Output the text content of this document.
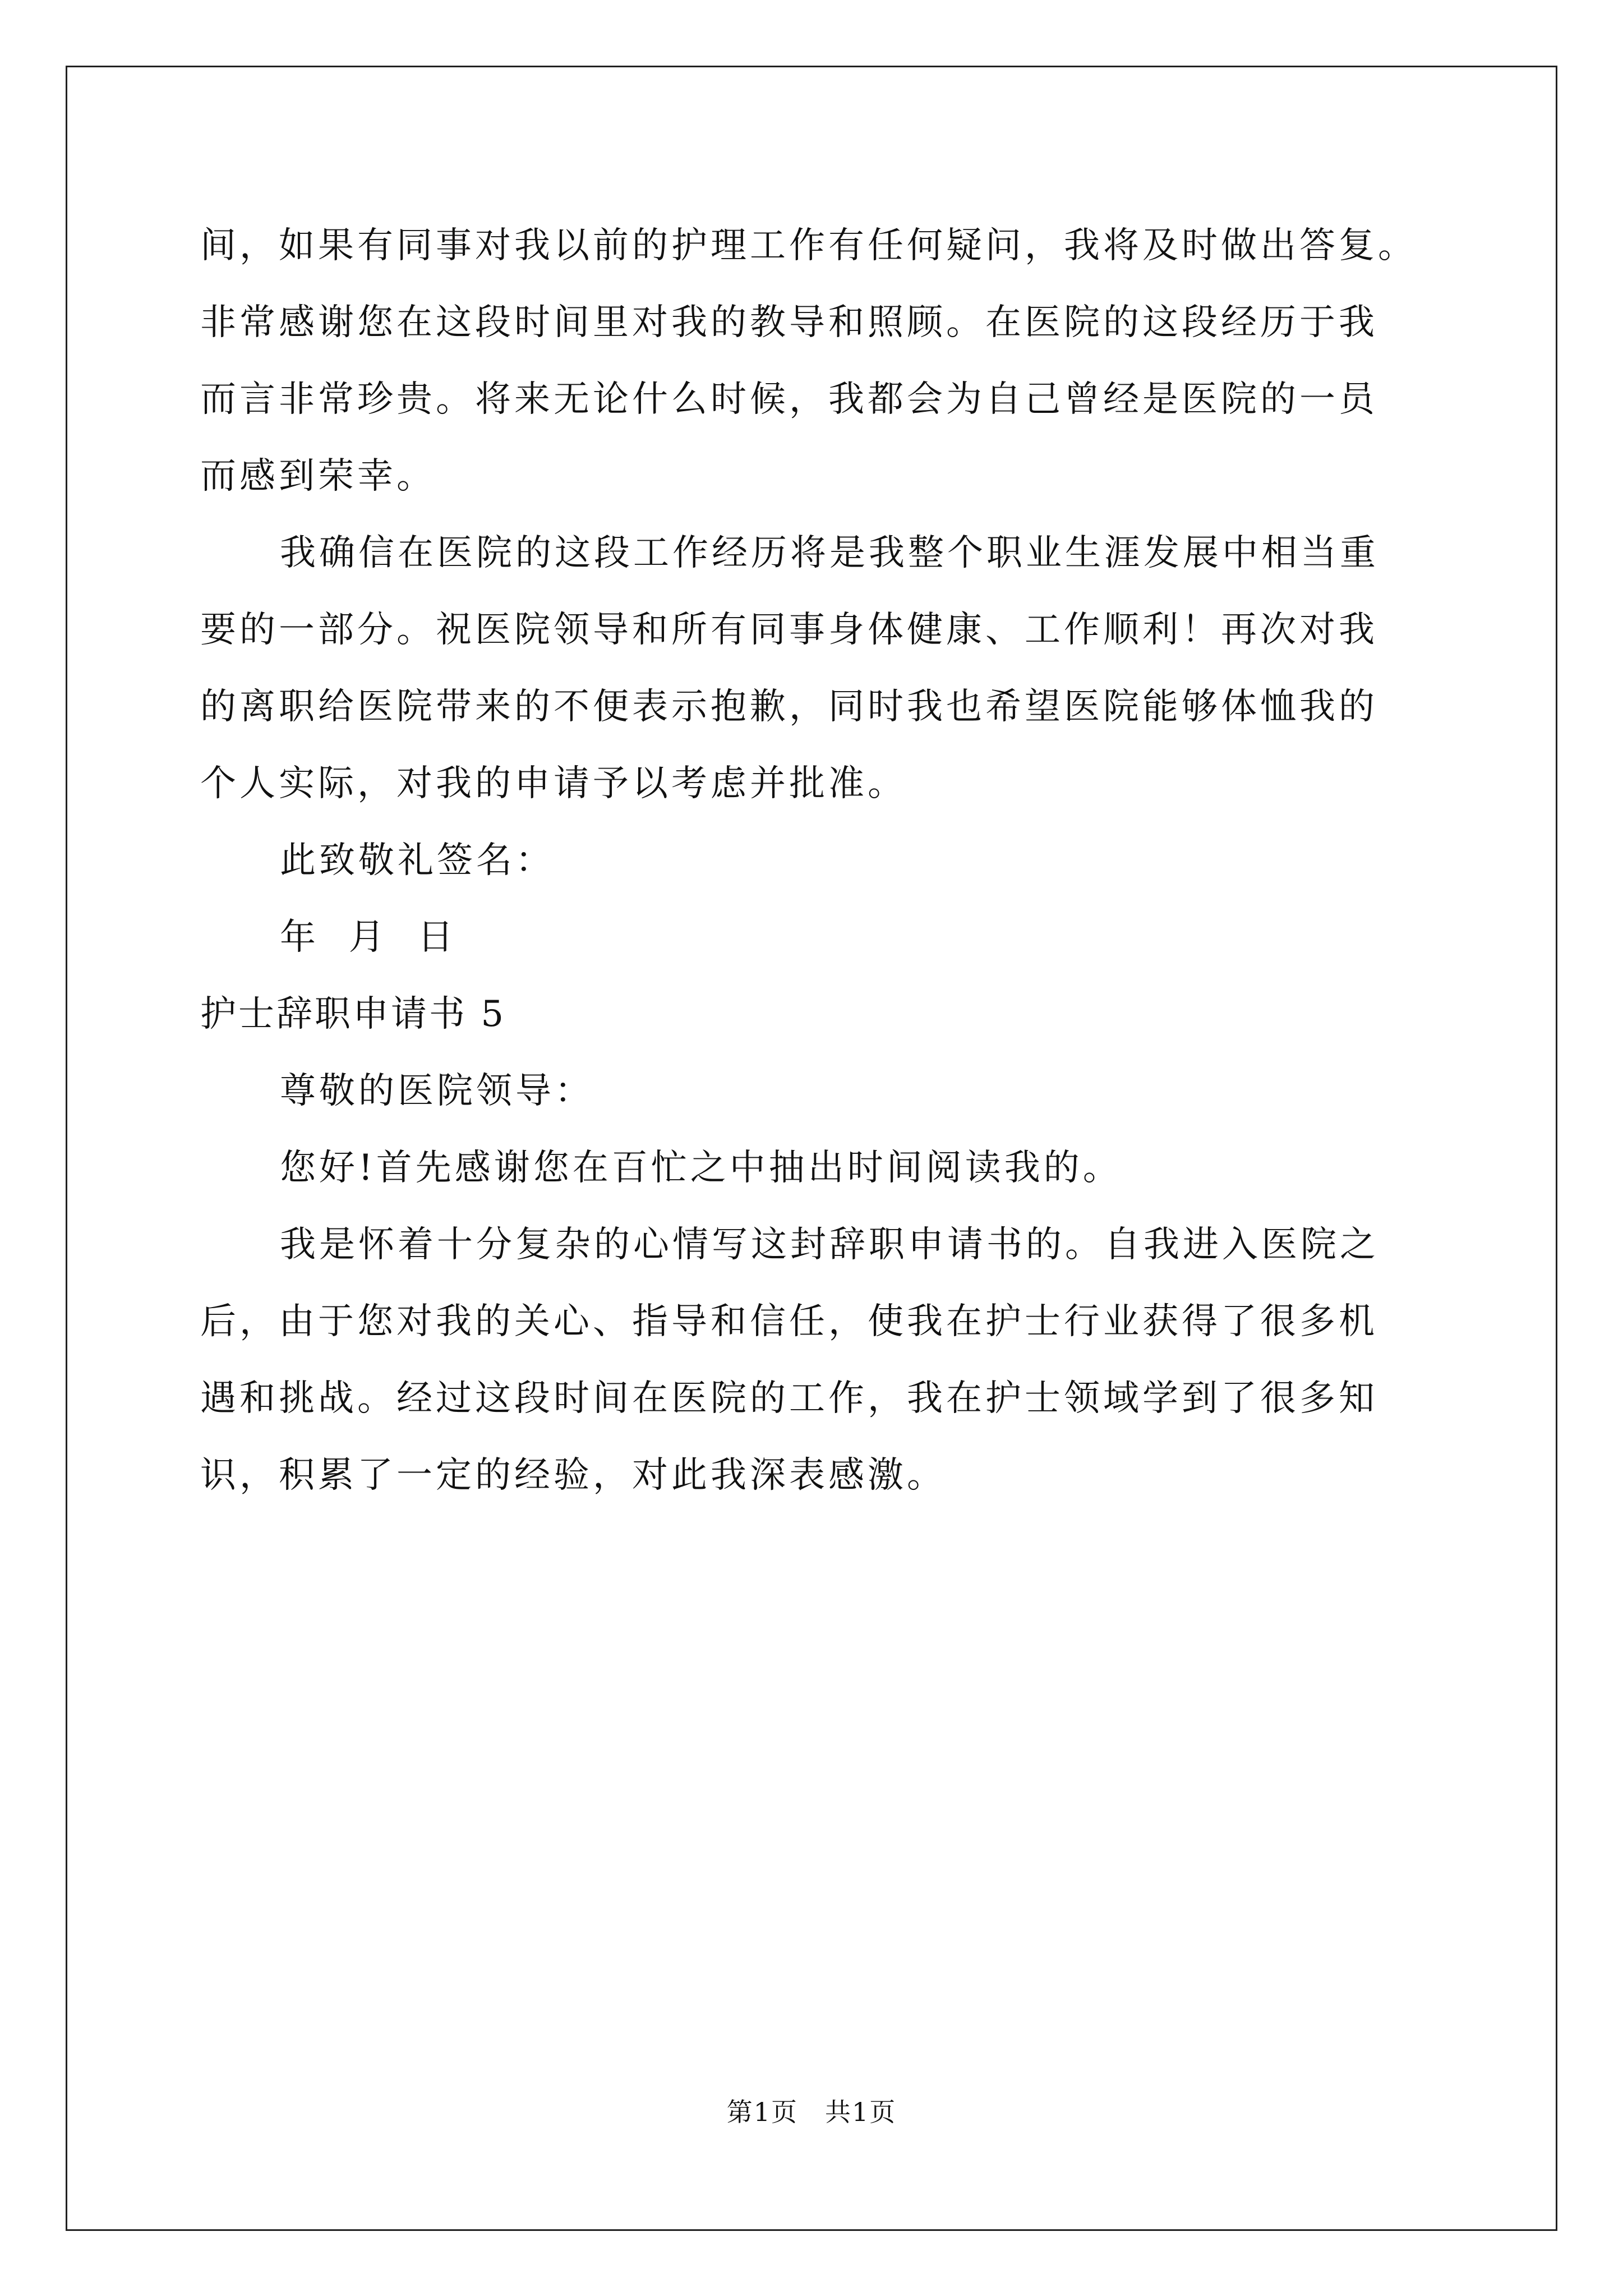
间，如果有同事对我以前的护理工作有任何疑问，我将及时做出答复。
非常感谢您在这段时间里对我的教导和照顾。在医院的这段经历于我
而言非常珍贵。将来无论什么时候，我都会为自己曾经是医院的一员
而感到荣幸。
我确信在医院的这段工作经历将是我整个职业生涯发展中相当重
要的一部分。祝医院领导和所有同事身体健康、工作顺利！再次对我
的离职给医院带来的不便表示抱歉，同时我也希望医院能够体恤我的
个人实际，对我的申请予以考虑并批准。
此致敬礼签名：
年  月  日
护士辞职申请书 5
尊敬的医院领导：
您好!首先感谢您在百忙之中抽出时间阅读我的。
我是怀着十分复杂的心情写这封辞职申请书的。自我进入医院之
后，由于您对我的关心、指导和信任，使我在护士行业获得了很多机
遇和挑战。经过这段时间在医院的工作，我在护士领域学到了很多知
识，积累了一定的经验，对此我深表感激。
第1页 共1页
